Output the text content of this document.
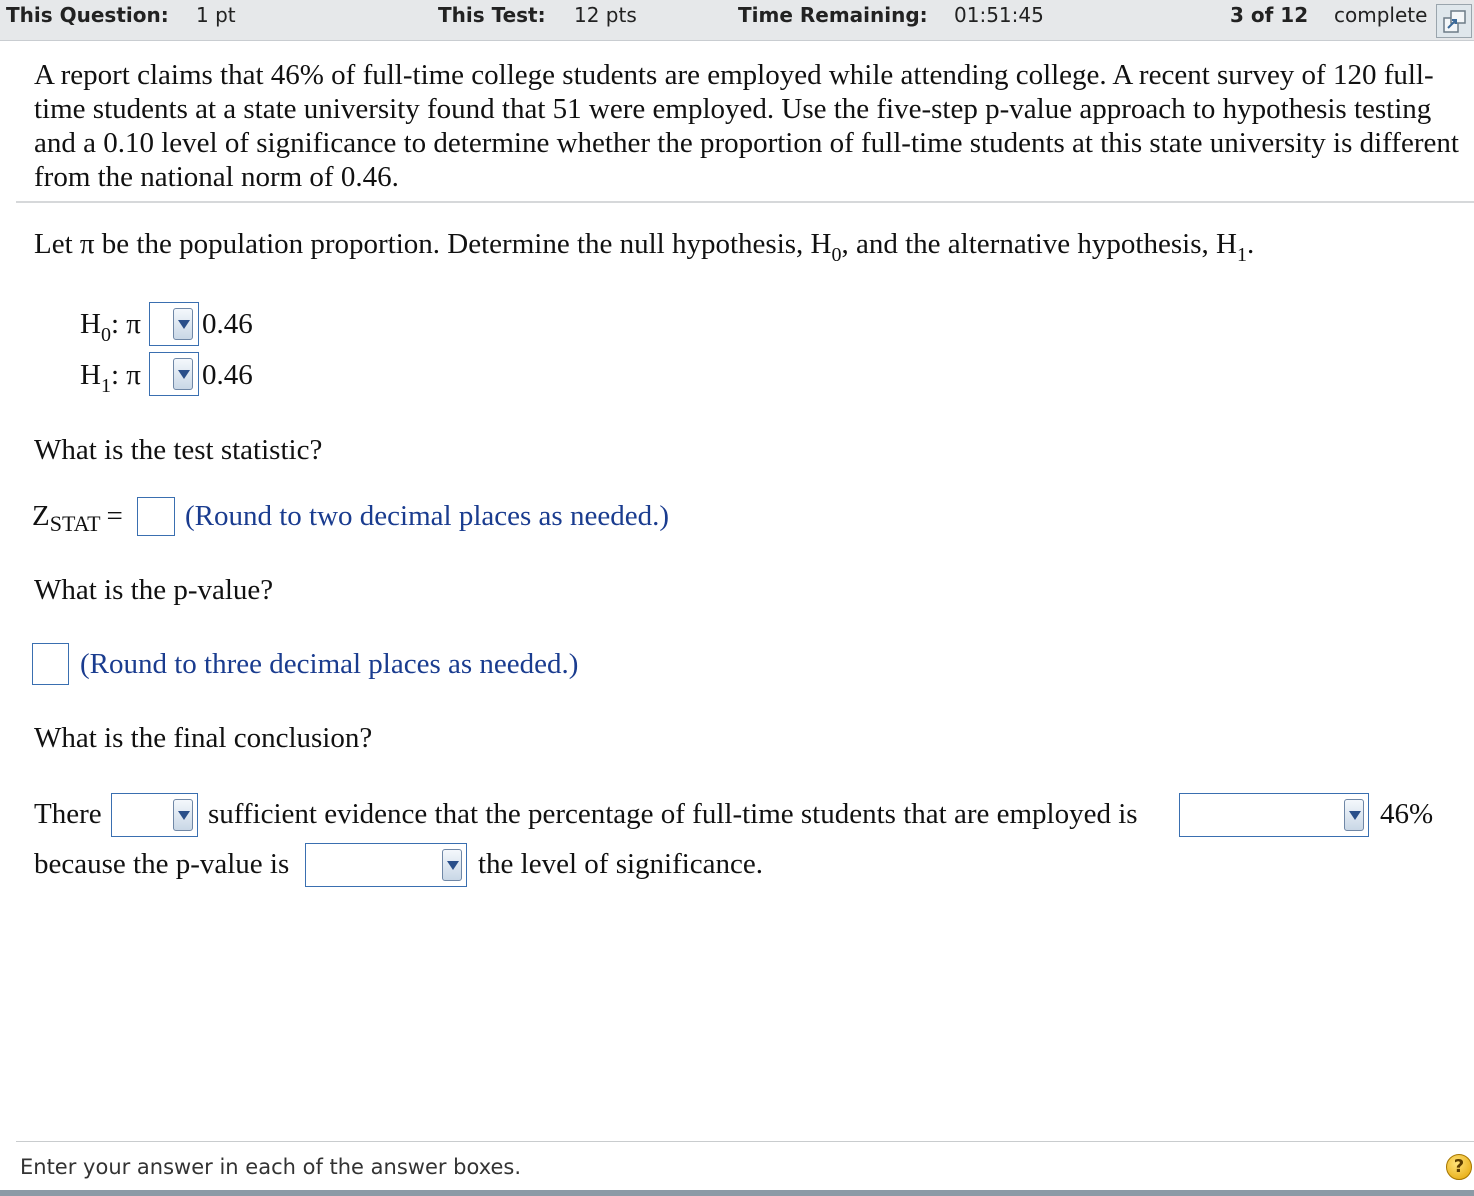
This Question: 1 pt	This Test: 12 pts	Time Remaining: 01:51:45	3 of 12 complete
A report claims that 46% of full-time college students are employed while attending college. A recent survey of 120 full-time students at a state university found that 51 were employed. Use the five-step p-value approach to hypothesis testing and a 0.10 level of significance to determine whether the proportion of full-time students at this state university is different from the national norm of 0.46.
Let π be the population proportion. Determine the null hypothesis, $H_0$, and the alternative hypothesis, $H_1$.
$H_0$: π 0.46
$H_1$: π 0.46
What is the test statistic?
$Z_{STAT}$ = (Round to two decimal places as needed.)
What is the p-value?
(Round to three decimal places as needed.)
What is the final conclusion?
There	sufficient evidence that the percentage of full-time students that are employed is	46%
because the p-value is	the level of significance.
Enter your answer in each of the answer boxes.	?
